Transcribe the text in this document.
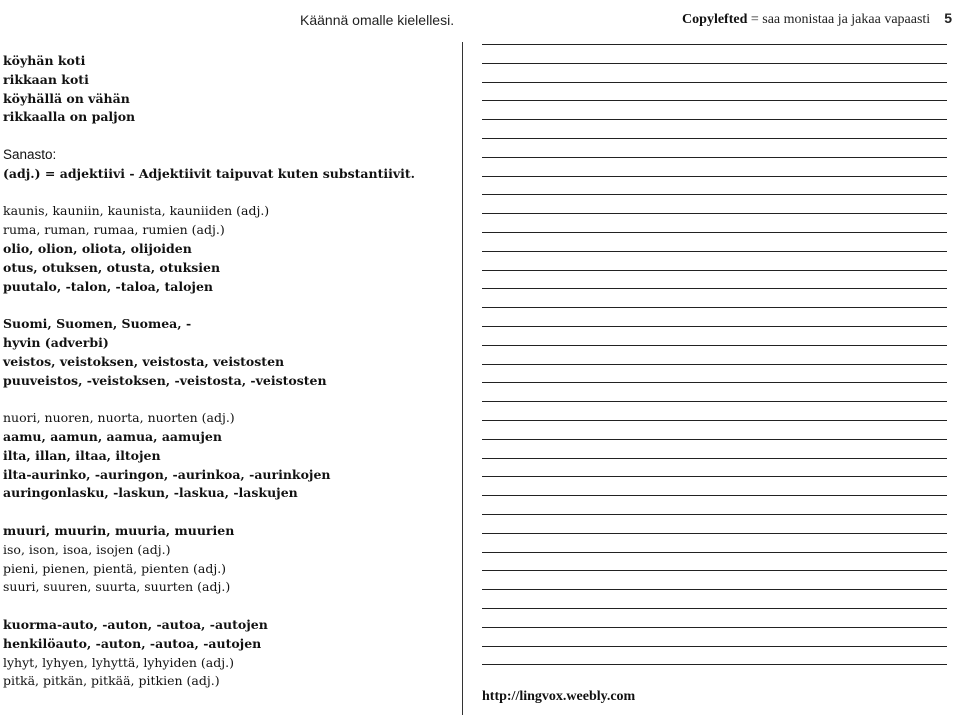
Käännä omalle kielellesi.	Copylefted = saa monistaa ja jakaa vapaasti 5
köyhän koti
rikkaan koti
köyhällä on vähän
rikkaalla on paljon
Sanasto:
(adj.) = adjektiivi - Adjektiivit taipuvat kuten substantiivit.
kaunis, kauniin, kaunista, kauniiden (adj.)
ruma, ruman, rumaa, rumien (adj.)
olio, olion, oliota, olijoiden
otus, otuksen, otusta, otuksien
puutalo, -talon, -taloa, talojen
Suomi, Suomen, Suomea, -
hyvin (adverbi)
veistos, veistoksen, veistosta, veistosten
puuveistos, -veistoksen, -veistosta, -veistosten
nuori, nuoren, nuorta, nuorten (adj.)
aamu, aamun, aamua, aamujen
ilta, illan, iltaa, iltojen
ilta-aurinko, -auringon, -aurinkoa, -aurinkojen
auringonlasku, -laskun, -laskua, -laskujen
muuri, muurin, muuria, muurien
iso, ison, isoa, isojen (adj.)
pieni, pienen, pientä, pienten (adj.)
suuri, suuren, suurta, suurten (adj.)
kuorma-auto, -auton, -autoa, -autojen
henkilöauto, -auton, -autoa, -autojen
lyhyt, lyhyen, lyhyttä, lyhyiden (adj.)
pitkä, pitkän, pitkää, pitkien (adj.)
http://lingvox.weebly.com
